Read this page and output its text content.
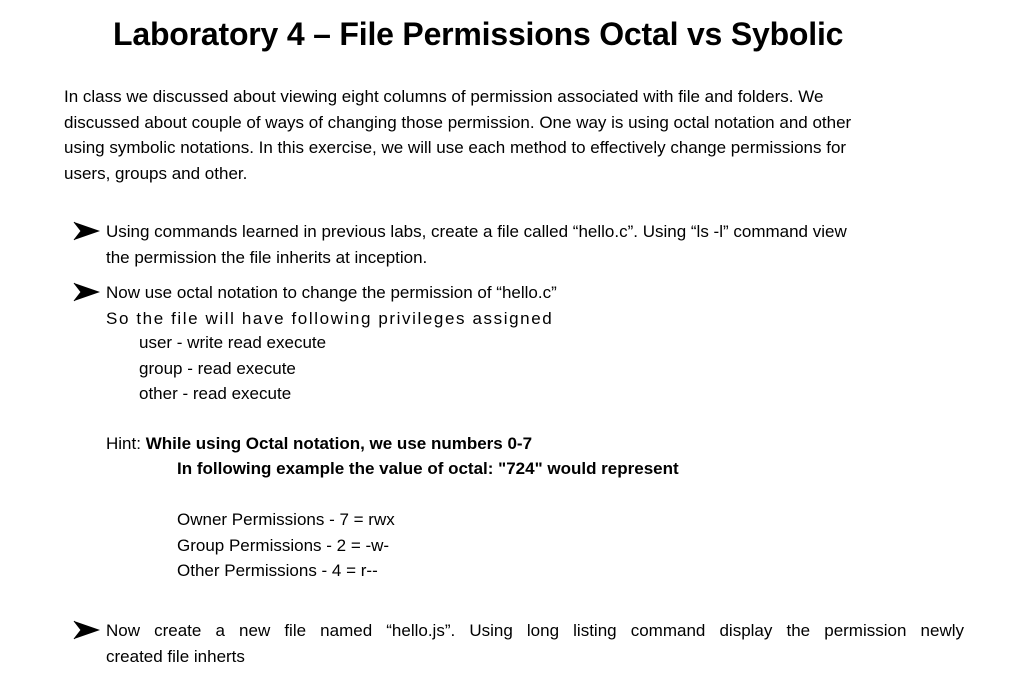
Laboratory 4 – File Permissions Octal vs Sybolic
In class we discussed about viewing eight columns of permission associated with file and folders. We
discussed about couple of ways of changing those permission. One way is using octal notation and other
using symbolic notations. In this exercise, we will use each method to effectively change permissions for
users, groups and other.
Using commands learned in previous labs, create a file called “hello.c”. Using “ls -l” command view
the permission the file inherits at inception.
Now use octal notation to change the permission of “hello.c”
So the file will have following privileges assigned
user - write read execute
group - read execute
other - read execute
Hint: While using Octal notation, we use numbers 0-7
In following example the value of octal: "724" would represent
Owner Permissions - 7 = rwx
Group Permissions - 2 = -w-
Other Permissions - 4 = r--
Now create a new file named “hello.js”. Using long listing command display the permission newly
created file inherts
